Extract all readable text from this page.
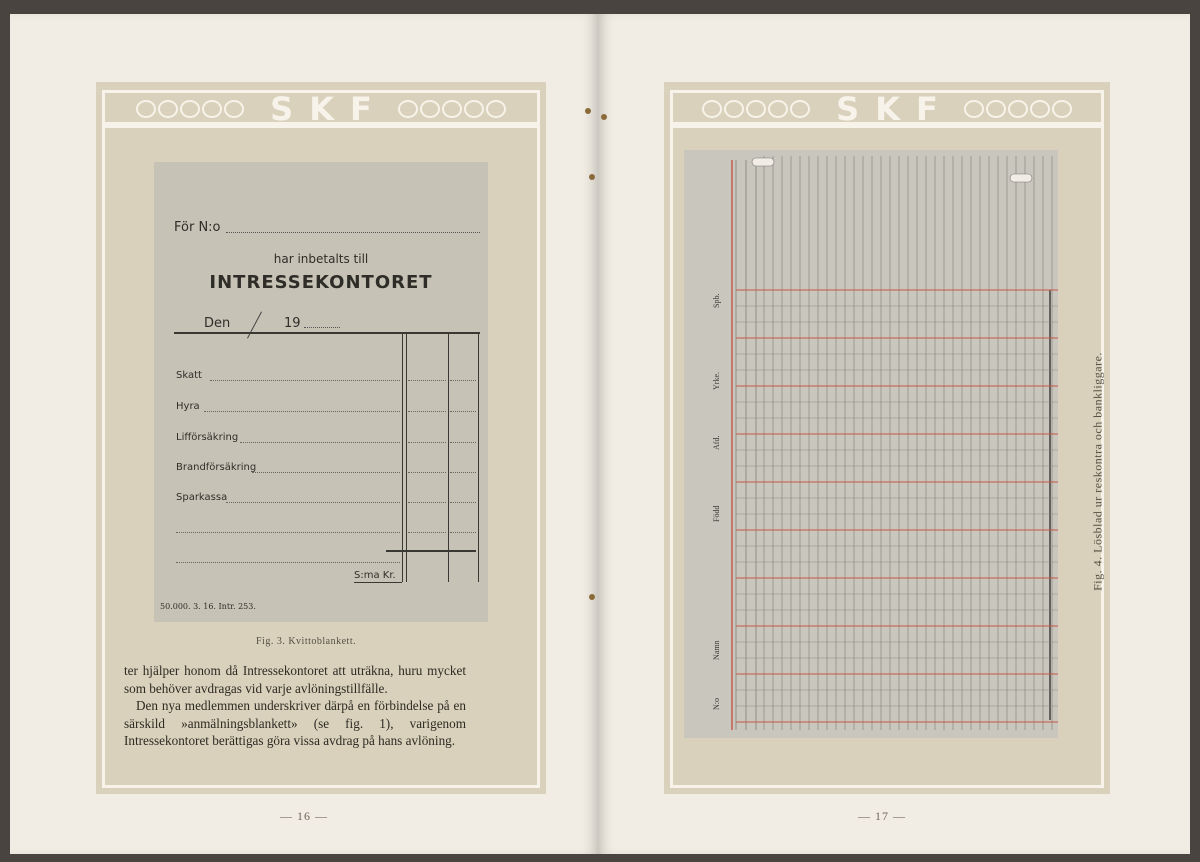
SKF
För N:o
har inbetalts till
INTRESSEKONTORET
Den	19
Skatt
Hyra
Lifförsäkring
Brandförsäkring
Sparkassa
S:ma Kr.
50.000. 3. 16. Intr. 253.
Fig. 3. Kvittoblankett.

ter hjälper honom då Intressekontoret att uträkna, huru mycket som behöver avdragas vid varje avlöningstillfälle.

Den nya medlemmen underskriver därpå en förbindelse på en särskild »anmälningsblankett» (se fig. 1), varigenom Intressekontoret berättigas göra vissa avdrag på hans avlöning.

— 16 —
SKF
N:o
Namn
Född
Afd.
Yrke.
Spb.
Fig. 4. Lösblad ur reskontra och bankliggare.
— 17 —
